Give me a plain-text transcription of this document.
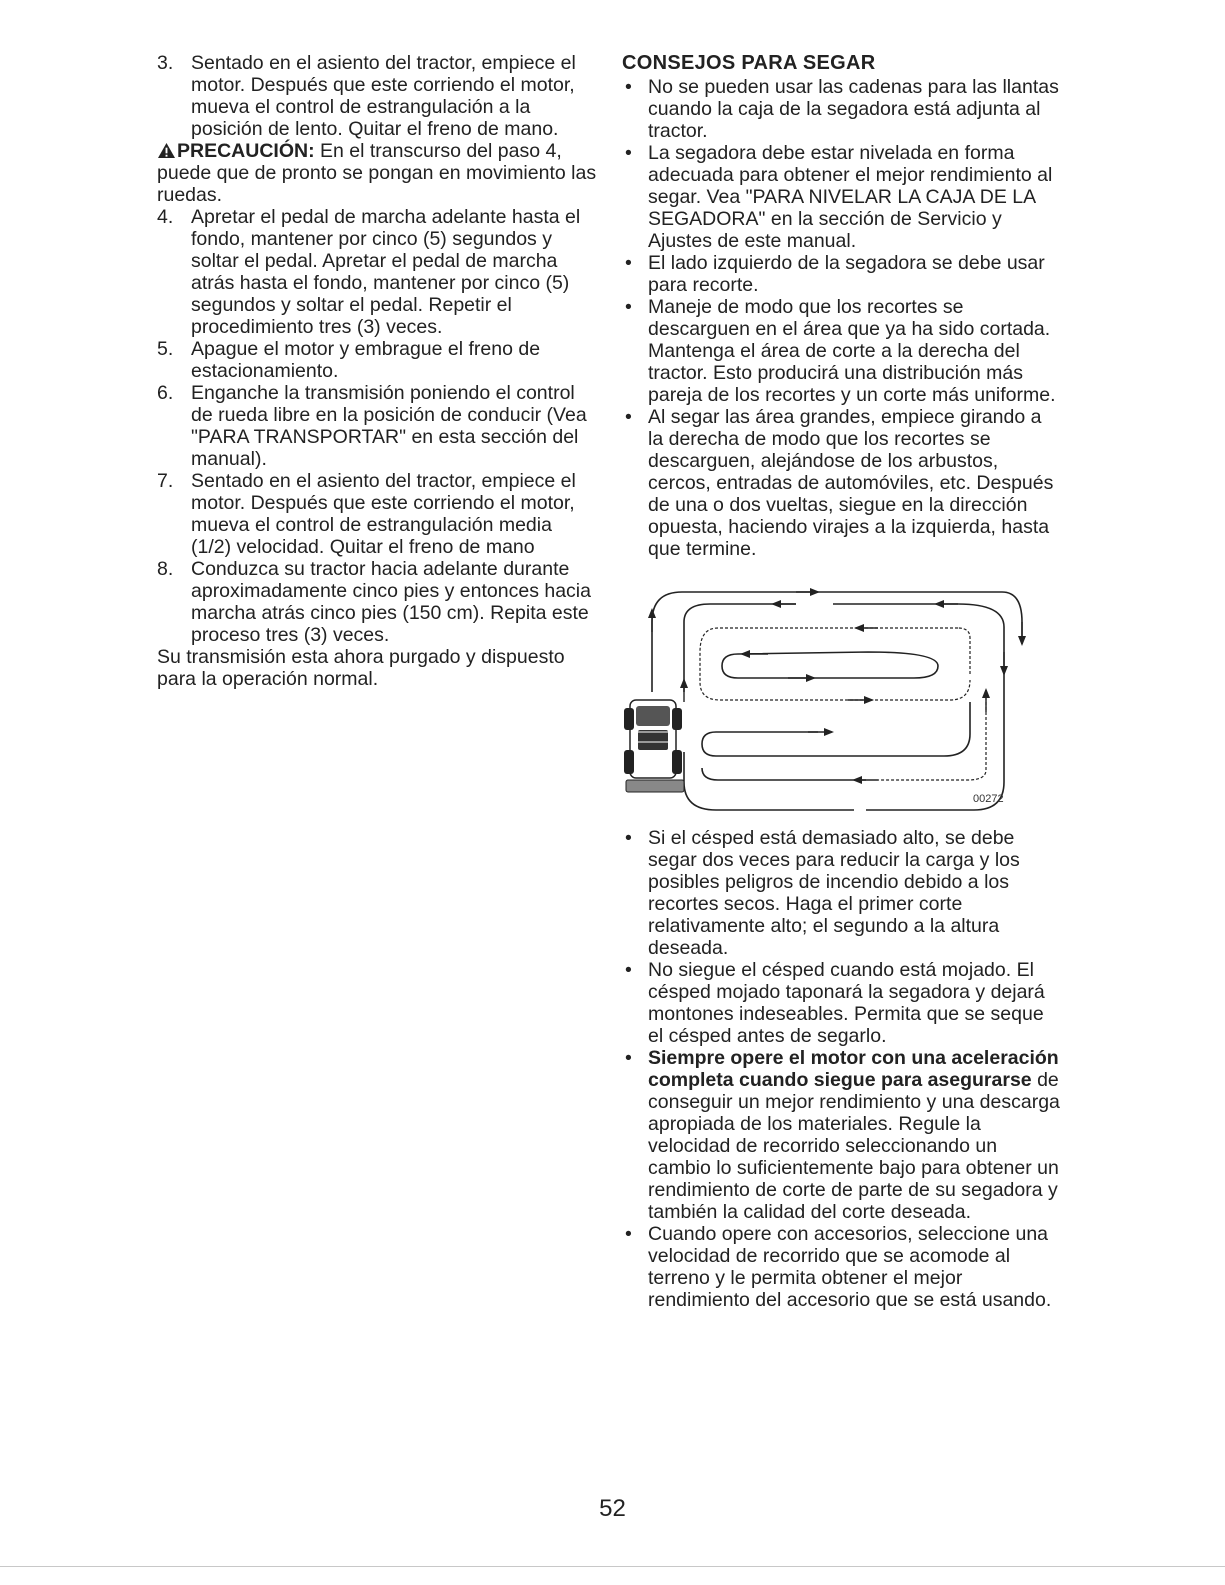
3. Sentado en el asiento del tractor, empiece el motor. Después que este corriendo el motor, mueva el control de estrangulación a la posición de lento. Quitar el freno de mano.

PRECAUCIÓN: En el transcurso del paso 4, puede que de pronto se pongan en movimiento las ruedas.

4. Apretar el pedal de marcha adelante hasta el fondo, mantener por cinco (5) segundos y soltar el pedal. Apretar el pedal de marcha atrás hasta el fondo, mantener por cinco (5) segundos y soltar el pedal. Repetir el procedimiento tres (3) veces.
5. Apague el motor y embrague el freno de estacionamiento.
6. Enganche la transmisión poniendo el control de rueda libre en la posición de conducir (Vea "PARA TRANSPORTAR" en esta sección del manual).
7. Sentado en el asiento del tractor, empiece el motor. Después que este corriendo el motor, mueva el control de estrangulación media (1/2) velocidad. Quitar el freno de mano
8. Conduzca su tractor hacia adelante durante aproximadamente cinco pies y entonces hacia marcha atrás cinco pies (150 cm). Repita este proceso tres (3) veces.

Su transmisión esta ahora purgado y dispuesto para la operación normal.

CONSEJOS PARA SEGAR
• No se pueden usar las cadenas para las llantas cuando la caja de la segadora está adjunta al tractor.
• La segadora debe estar nivelada en forma adecuada para obtener el mejor rendimiento al segar. Vea "PARA NIVELAR LA CAJA DE LA SEGADORA" en la sección de Servicio y Ajustes de este manual.
• El lado izquierdo de la segadora se debe usar para recorte.
• Maneje de modo que los recortes se descarguen en el área que ya ha sido cortada. Mantenga el área de corte a la derecha del tractor. Esto producirá una distribución más pareja de los recortes y un corte más uniforme.
• Al segar las área grandes, empiece girando a la derecha de modo que los recortes se descarguen, alejándose de los arbustos, cercos, entradas de automóviles, etc. Después de una o dos vueltas, siegue en la dirección opuesta, haciendo virajes a la izquierda, hasta que termine.
00272
• Si el césped está demasiado alto, se debe segar dos veces para reducir la carga y los posibles peligros de incendio debido a los recortes secos. Haga el primer corte relativamente alto; el segundo a la altura deseada.
• No siegue el césped cuando está mojado. El césped mojado taponará la segadora y dejará montones indeseables. Permita que se seque el césped antes de segarlo.
• Siempre opere el motor con una aceleración completa cuando siegue para asegurarse de conseguir un mejor rendimiento y una descarga apropiada de los materiales. Regule la velocidad de recorrido seleccionando un cambio lo suficientemente bajo para obtener un rendimiento de corte de parte de su segadora y también la calidad del corte deseada.
• Cuando opere con accesorios, seleccione una velocidad de recorrido que se acomode al terreno y le permita obtener el mejor rendimiento del accesorio que se está usando.
52
